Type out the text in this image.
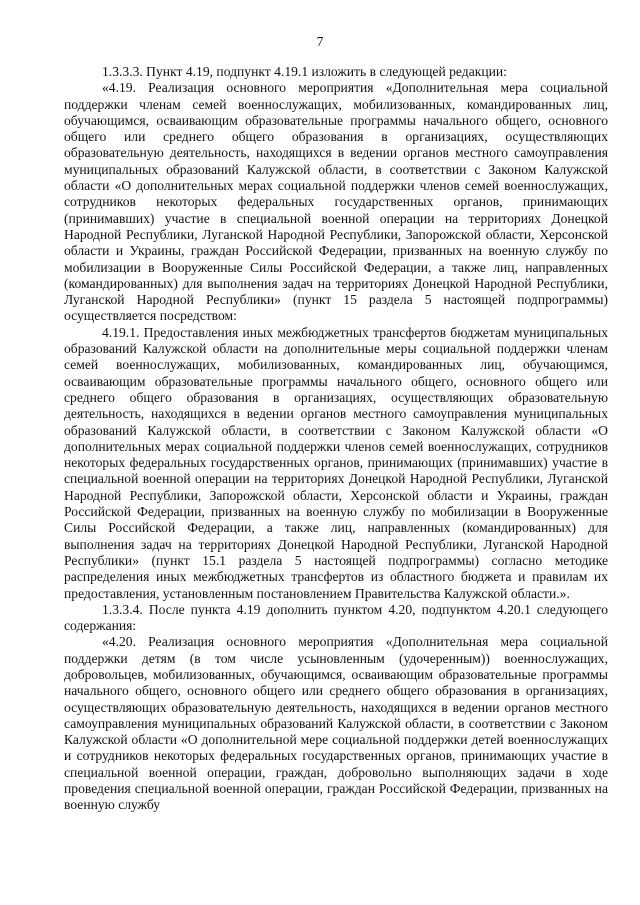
7

1.3.3.3. Пункт 4.19, подпункт 4.19.1 изложить в следующей редакции:

«4.19. Реализация основного мероприятия «Дополнительная мера социальной поддержки членам семей военнослужащих, мобилизованных, командированных лиц, обучающимся, осваивающим образовательные программы начального общего, основного общего или среднего общего образования в организациях, осуществляющих образовательную деятельность, находящихся в ведении органов местного самоуправления муниципальных образований Калужской области, в соответствии с Законом Калужской области «О дополнительных мерах социальной поддержки членов семей военнослужащих, сотрудников некоторых федеральных государственных органов, принимающих (принимавших) участие в специальной военной операции на территориях Донецкой Народной Республики, Луганской Народной Республики, Запорожской области, Херсонской области и Украины, граждан Российской Федерации, призванных на военную службу по мобилизации в Вооруженные Силы Российской Федерации, а также лиц, направленных (командированных) для выполнения задач на территориях Донецкой Народной Республики, Луганской Народной Республики» (пункт 15 раздела 5 настоящей подпрограммы) осуществляется посредством:

4.19.1. Предоставления иных межбюджетных трансфертов бюджетам муниципальных образований Калужской области на дополнительные меры социальной поддержки членам семей военнослужащих, мобилизованных, командированных лиц, обучающимся, осваивающим образовательные программы начального общего, основного общего или среднего общего образования в организациях, осуществляющих образовательную деятельность, находящихся в ведении органов местного самоуправления муниципальных образований Калужской области, в соответствии с Законом Калужской области «О дополнительных мерах социальной поддержки членов семей военнослужащих, сотрудников некоторых федеральных государственных органов, принимающих (принимавших) участие в специальной военной операции на территориях Донецкой Народной Республики, Луганской Народной Республики, Запорожской области, Херсонской области и Украины, граждан Российской Федерации, призванных на военную службу по мобилизации в Вооруженные Силы Российской Федерации, а также лиц, направленных (командированных) для выполнения задач на территориях Донецкой Народной Республики, Луганской Народной Республики» (пункт 15.1 раздела 5 настоящей подпрограммы) согласно методике распределения иных межбюджетных трансфертов из областного бюджета и правилам их предоставления, установленным постановлением Правительства Калужской области.».

1.3.3.4. После пункта 4.19 дополнить пунктом 4.20, подпунктом 4.20.1 следующего содержания:

«4.20. Реализация основного мероприятия «Дополнительная мера социальной поддержки детям (в том числе усыновленным (удочеренным)) военнослужащих, добровольцев, мобилизованных, обучающимся, осваивающим образовательные программы начального общего, основного общего или среднего общего образования в организациях, осуществляющих образовательную деятельность, находящихся в ведении органов местного самоуправления муниципальных образований Калужской области, в соответствии с Законом Калужской области «О дополнительной мере социальной поддержки детей военнослужащих и сотрудников некоторых федеральных государственных органов, принимающих участие в специальной военной операции, граждан, добровольно выполняющих задачи в ходе проведения специальной военной операции, граждан Российской Федерации, призванных на военную службу
